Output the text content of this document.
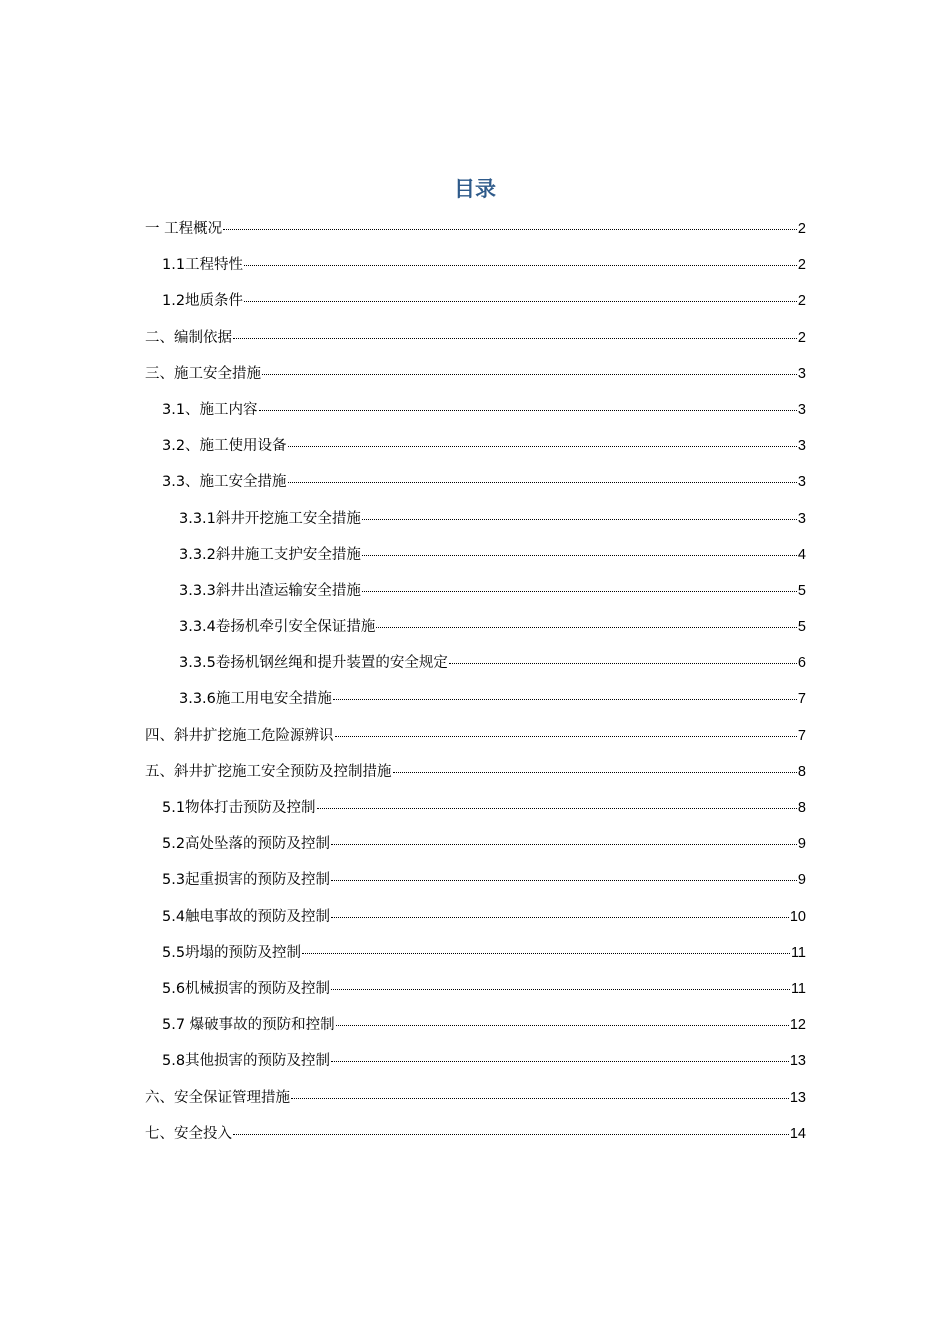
目录
一 工程概况	2
1.1工程特性	2
1.2地质条件	2
二、编制依据	2
三、施工安全措施	3
3.1、施工内容	3
3.2、施工使用设备	3
3.3、施工安全措施	3
3.3.1斜井开挖施工安全措施	3
3.3.2斜井施工支护安全措施	4
3.3.3斜井出渣运输安全措施	5
3.3.4卷扬机牵引安全保证措施	5
3.3.5卷扬机钢丝绳和提升装置的安全规定	6
3.3.6施工用电安全措施	7
四、斜井扩挖施工危险源辨识	7
五、斜井扩挖施工安全预防及控制措施	8
5.1物体打击预防及控制	8
5.2高处坠落的预防及控制	9
5.3起重损害的预防及控制	9
5.4触电事故的预防及控制	10
5.5坍塌的预防及控制	11
5.6机械损害的预防及控制	11
5.7 爆破事故的预防和控制	12
5.8其他损害的预防及控制	13
六、安全保证管理措施	13
七、安全投入	14
